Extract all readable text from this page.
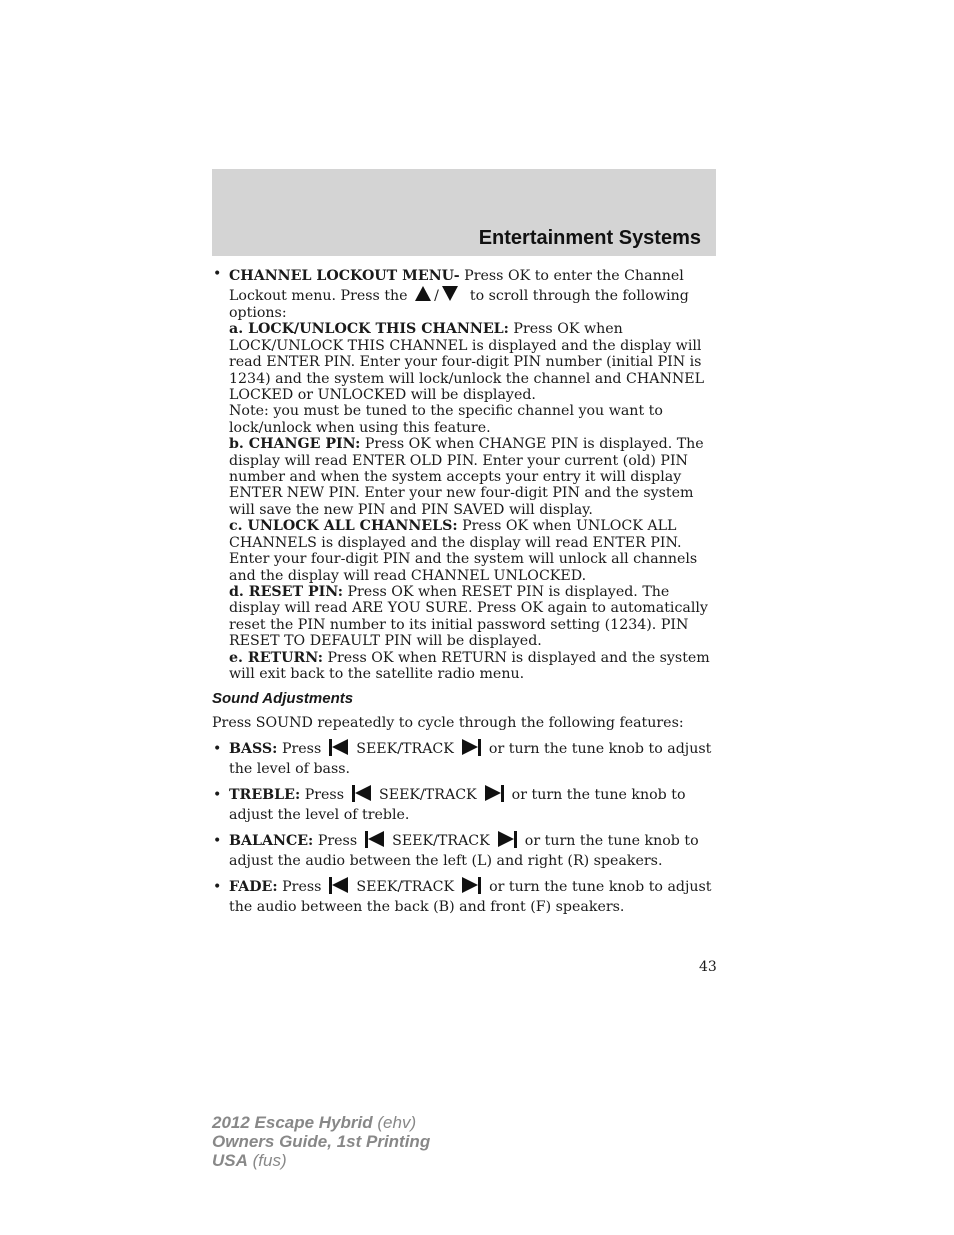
Entertainment Systems
• CHANNEL LOCKOUT MENU- Press OK to enter the Channel
Lockout menu. Press the / to scroll through the following
options:

a. LOCK/UNLOCK THIS CHANNEL: Press OK when LOCK/UNLOCK THIS CHANNEL is displayed and the display will read ENTER PIN. Enter your four-digit PIN number (initial PIN is 1234) and the system will lock/unlock the channel and CHANNEL LOCKED or UNLOCKED will be displayed.

Note: you must be tuned to the specific channel you want to lock/unlock when using this feature.

b. CHANGE PIN: Press OK when CHANGE PIN is displayed. The display will read ENTER OLD PIN. Enter your current (old) PIN number and when the system accepts your entry it will display ENTER NEW PIN. Enter your new four-digit PIN and the system will save the new PIN and PIN SAVED will display.

c. UNLOCK ALL CHANNELS: Press OK when UNLOCK ALL CHANNELS is displayed and the display will read ENTER PIN. Enter your four-digit PIN and the system will unlock all channels and the display will read CHANNEL UNLOCKED.

d. RESET PIN: Press OK when RESET PIN is displayed. The display will read ARE YOU SURE. Press OK again to automatically reset the PIN number to its initial password setting (1234). PIN RESET TO DEFAULT PIN will be displayed.

e. RETURN: Press OK when RETURN is displayed and the system will exit back to the satellite radio menu.

Sound Adjustments
Press SOUND repeatedly to cycle through the following features:
• BASS: Press SEEK/TRACK or turn the tune knob to adjust
the level of bass.
• TREBLE: Press SEEK/TRACK or turn the tune knob to
adjust the level of treble.
• BALANCE: Press SEEK/TRACK or turn the tune knob to
adjust the audio between the left (L) and right (R) speakers.
• FADE: Press SEEK/TRACK or turn the tune knob to adjust
the audio between the back (B) and front (F) speakers.
43
2012 Escape Hybrid (ehv)
Owners Guide, 1st Printing
USA (fus)
